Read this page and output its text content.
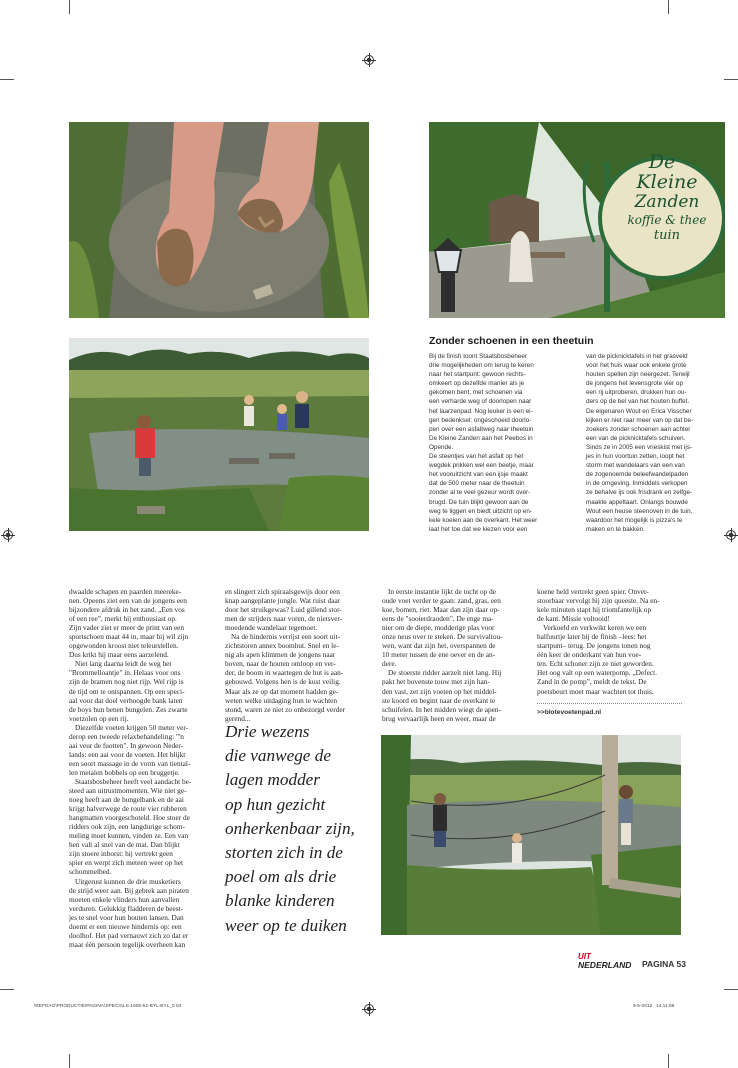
De
Kleine
Zanden
koffie & thee
tuin
Zonder schoenen in een theetuin
Bij de finish toont Staatsbosbeheer
drie mogelijkheden om terug te keren
naar het startpunt: gewoon rechts-
omkeert op dezelfde manier als je
gekomen bent, met schoenen via
een verharde weg of doorlopen naar
het laarzenpad. Nog leuker is een ei-
gen bedenksel: ongeschoeid doorlo-
pen over een asfaltweg naar theetuin
De Kleine Zanden aan het Peebos in
Opende.
De steentjes van het asfalt op het
wegdek prikken wel een beetje, maar
het vooruitzicht van een ijsje maakt
dat de 500 meter naar de theetuin
zonder al te veel gezeur wordt over-
brugd. De tuin blijkt gewoon aan de
weg te liggen en biedt uitzicht op en-
kele koeien aan de overkant. Het weer
laat het toe dat we kiezen voor een
van de picknicktafels in het grasveld
voor het huis waar ook enkele grote
houten spellen zijn neergezet. Terwijl
de jongens het levensgrote vier op
een rij uitproberen, drukken hun ou-
ders op de bel van het houten buffet.
De eigenaren Wout en Erica Visscher
kijken er niet raar meer van op dat be-
zoekers zonder schoenen aan achter
een van de picknicktafels schuiven.
Sinds ze in 2005 een vrieskist met ijs-
jes in hun voortuin zetten, loopt het
storm met wandelaars van een van
de zogenoemde beleefwandelpaden
in de omgeving. Inmiddels verkopen
ze behalve ijs ook frisdrank en zelfge-
maakte appeltaart. Onlangs bouwde
Wout een heuse steenoven in de tuin,
waardoor het mogelijk is pizza's te
maken en te bakken.
dwaalde schapen en paarden meereke-
nen. Opeens ziet een van de jongens een
bijzondere afdruk in het zand. „Een vos
of een ree”, merkt hij enthousiast op.
Zijn vader ziet er meer de print van een
sportschoen maat 44 in, maar hij wil zijn
opgewonden kroost niet teleurstellen.
Dus krikt hij maar eens aarzelend.
Niet lang daarna leidt de weg het
"Brommelloantje" in. Helaas voor ons
zijn de bramen nog niet rijp. Wel rijp is
de tijd om te ontspannen. Op een speci-
aal voor dat doel verhoogde bank laten
de boys hun benen bungelen. Zes zwarte
voetzolen op een rij.
Diezelfde voeten krijgen 50 meter ver-
derop een tweede relaxbehandeling: "'n
aai veur de fuotten". In gewoon Neder-
lands: een aai voor de voeten. Het blijkt
een soort massage in de vorm van tiental-
len metalen bobbels op een bruggetje.
Staatsbosbeheer heeft veel aandacht be-
steed aan uitrustmomenten. Wie niet ge-
noeg heeft aan de bungelbank en de aai
krijgt halverwege de route vier rubberen
hangmatten voorgeschoteld. Hoe stoer de
ridders ook zijn, een langdurige schom-
meling moet kunnen, vinden ze. Een van
hen valt al snel van de mat. Dan blijkt
zijn stoere inborst: hij vertrekt geen
spier en werpt zich meteen weer op het
schommelbed.
Uitgerust kunnen de drie musketiers
de strijd weer aan. Bij gebrek aan piraten
moeten enkele vlinders hun aanvallen
verduren. Gelukkig fladderen de beest-
jes te snel voor hun houten lansen. Dan
doemt er een nieuwe hindernis op: een
doolhof. Het pad vernauwt zich zo dat er
maar één persoon tegelijk overheen kan
en slingert zich spiraalsgewijs door een
knap aangeplante jungle. Wat ruist daar
door het struikgewas? Luid gillend stor-
men de strijders naar voren, de nietsver-
moedende wandelaar tegemoet.
Na de hindernis verrijst een soort uit-
zichtstoren annex boomhut. Snel en le-
nig als apen klimmen de jongens naar
boven, naar de houten omloop en ver-
der, de boom in waartegen de hut is aan-
gebouwd. Volgens hen is de kust veilig.
Maar als ze op dat moment hadden ge-
weten welke uitdaging hun te wachten
stond, waren ze niet zo onbezorgd verder
gerend...
In eerste instantie lijkt de tocht op de
oude voet verder te gaan: zand, gras, een
koe, bomen, riet. Maar dan zijn daar op-
eens de "sooierdraoden". De enge ma-
nier om de diepe, modderige plas voor
onze neus over te steken. De survivaltou-
wen, want dat zijn het, overspannen de
10 meter tussen de ene oever en de an-
dere.
De stoerste ridder aarzelt niet lang. Hij
pakt het bovenste touw met zijn han-
den vast, zet zijn voeten op het middel-
ste koord en begint naar de overkant te
schuifelen. In het midden wiegt de apen-
brug vervaarlijk heen en weer, maar de
koene held vertrekt geen spier. Onver-
stoorbaar vervolgt hij zijn queeste. Na en-
kele minuten stapt hij triomfantelijk op
de kant. Missie voltooid!
Verkoeld en verkwikt keren we een
halfuurtje later bij de finish –lees: het
startpunt– terug. De jongens tonen nog
één keer de onderkant van hun voe-
ten. Echt schoner zijn ze niet geworden.
Het oog valt op een waterpomp. „Defect.
Zand in de pomp”, meldt de tekst. De
poetsbeurt moet maar wachten tot thuis.
>>blotevoetenpad.nl
Drie wezens
die vanwege de
lagen modder
op hun gezicht
onherkenbaar zijn,
storten zich in de
poel om als drie
blanke kinderen
weer op te duiken
UIT
NEDERLAND PAGINA 53
\REFDAG\PRODUCTIE\PAGINA\SPECIALS-1605-52-BYL-BYL_0 53	9-5-2012 14:11:59
